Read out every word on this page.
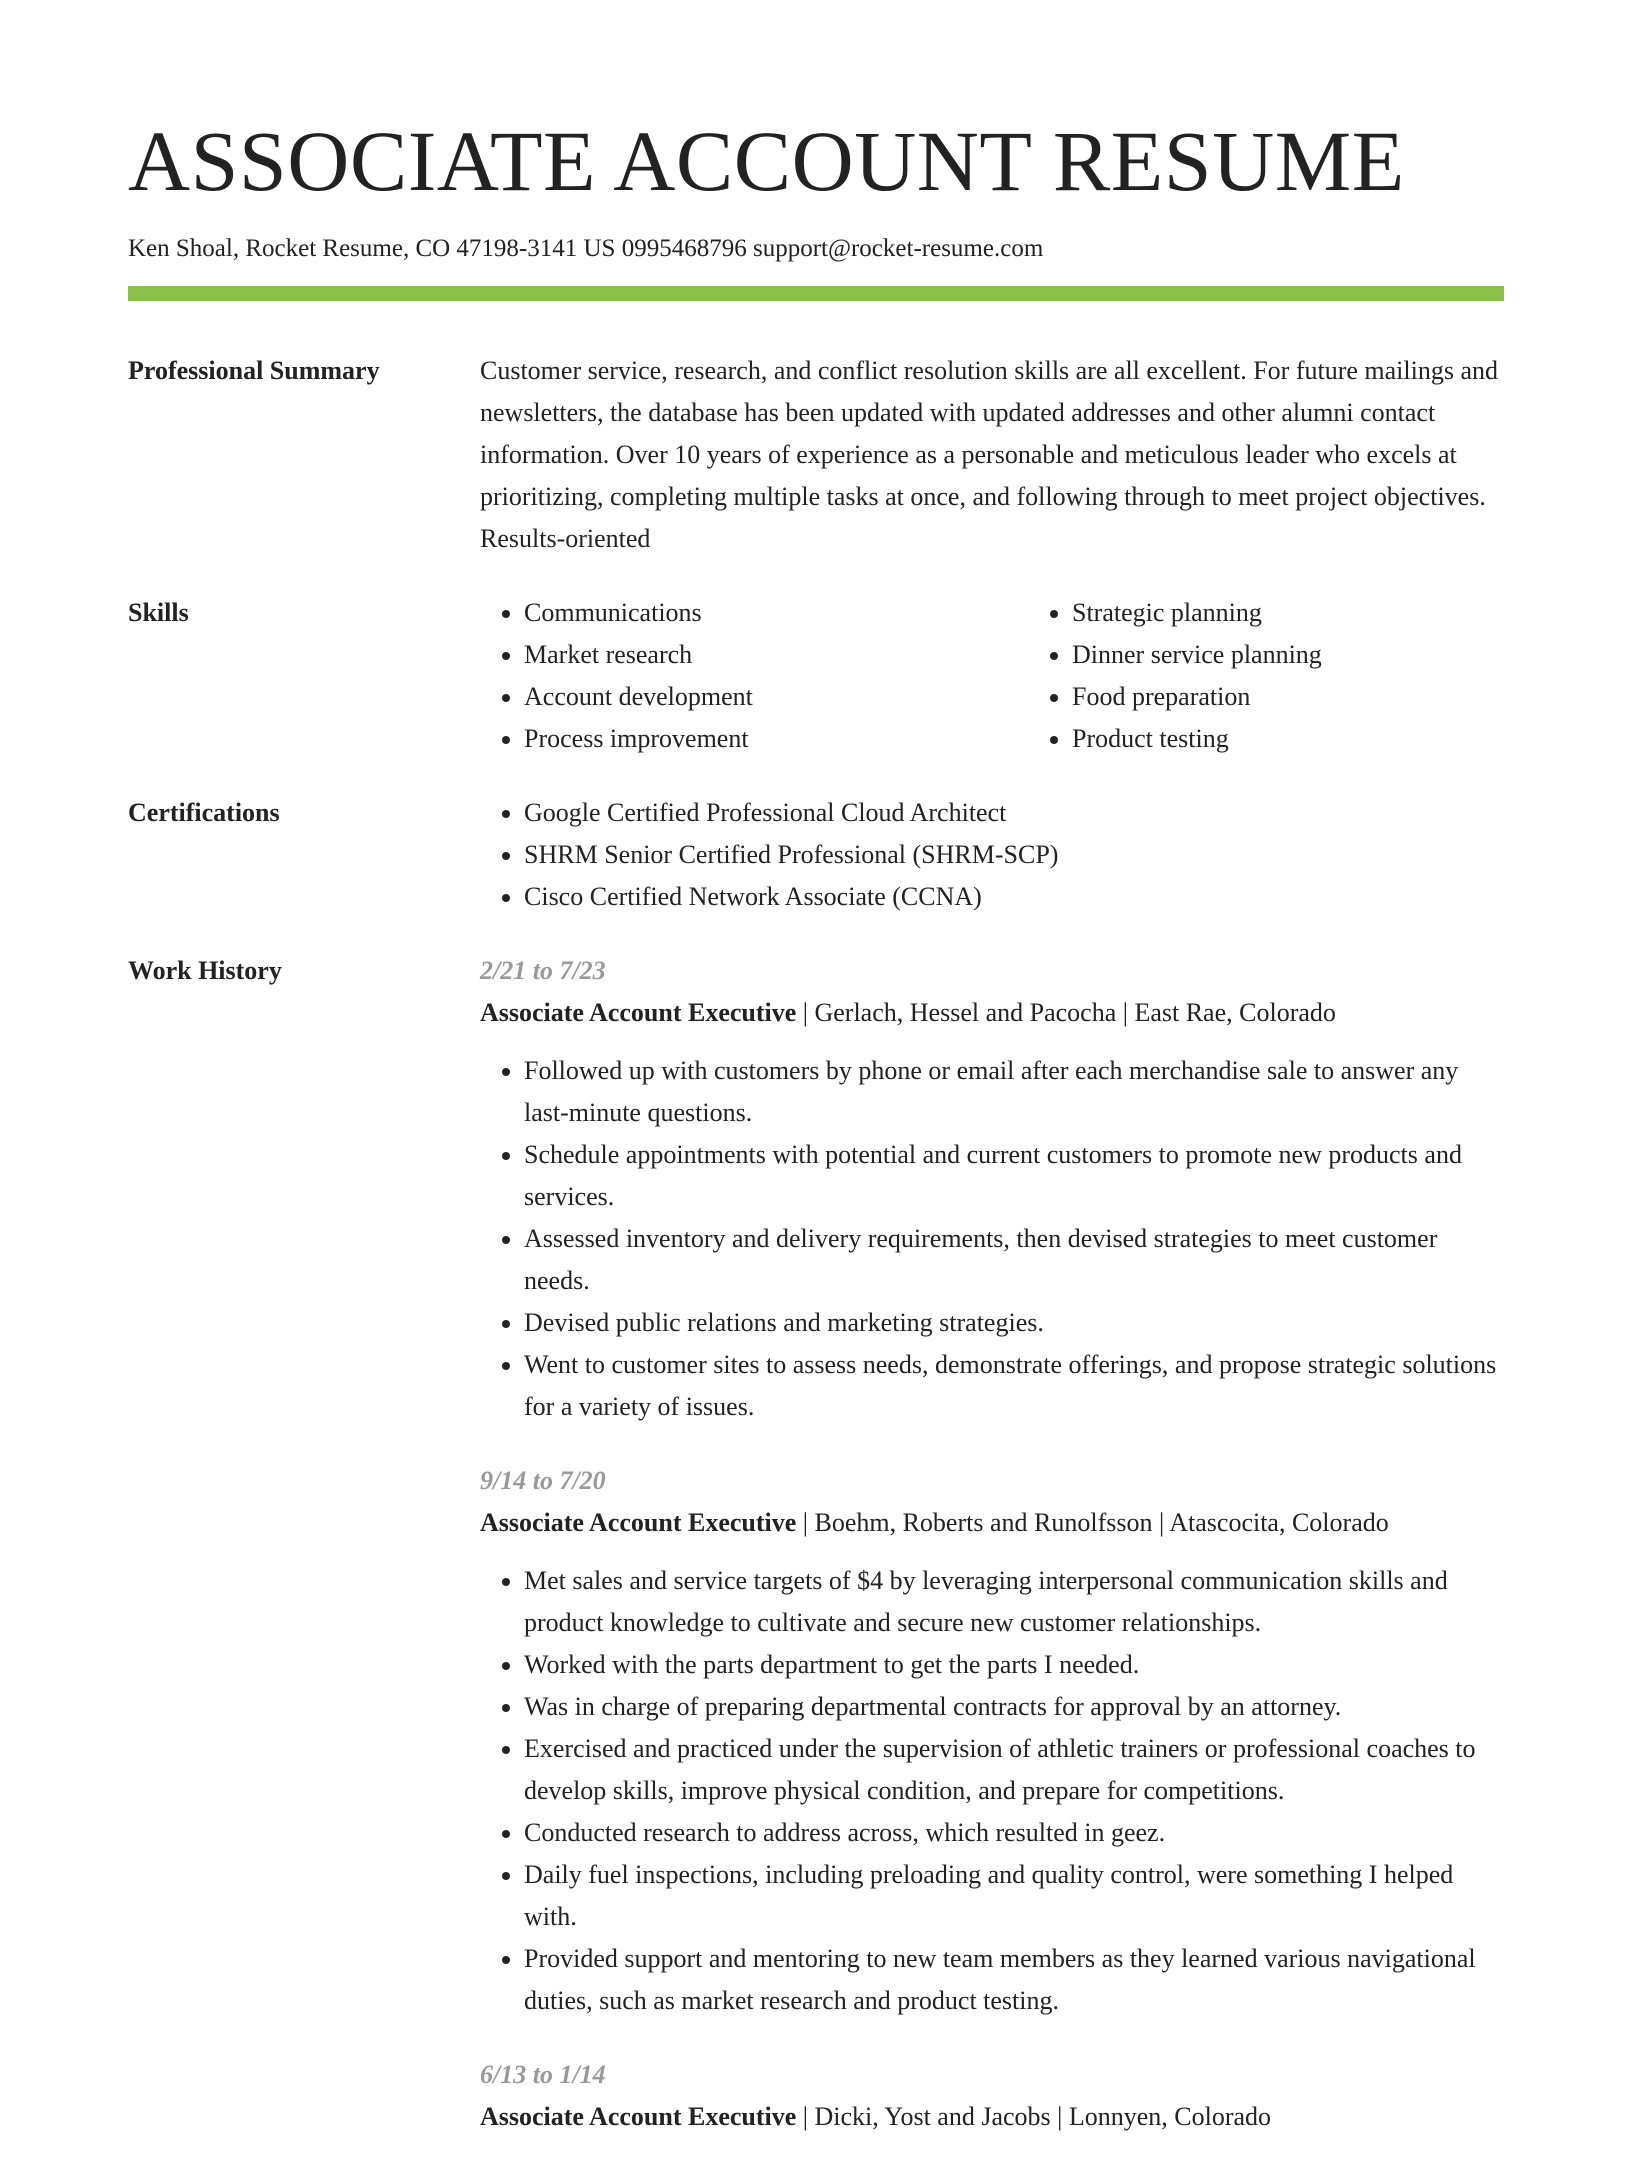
ASSOCIATE ACCOUNT RESUME
Ken Shoal, Rocket Resume, CO 47198-3141 US 0995468796 support@rocket-resume.com
Professional Summary	Customer service, research, and conflict resolution skills are all excellent. For future mailings and newsletters, the database has been updated with updated addresses and other alumni contact information. Over 10 years of experience as a personable and meticulous leader who excels at prioritizing, completing multiple tasks at once, and following through to meet project objectives. Results-oriented
Skills	• Communications
• Market research
• Account development
• Process improvement
• Strategic planning
• Dinner service planning
• Food preparation
• Product testing
Certifications	• Google Certified Professional Cloud Architect
• SHRM Senior Certified Professional (SHRM-SCP)
• Cisco Certified Network Associate (CCNA)
Work History	2/21 to 7/23
Associate Account Executive | Gerlach, Hessel and Pacocha | East Rae, Colorado
• Followed up with customers by phone or email after each merchandise sale to answer any last-minute questions.
• Schedule appointments with potential and current customers to promote new products and services.
• Assessed inventory and delivery requirements, then devised strategies to meet customer needs.
• Devised public relations and marketing strategies.
• Went to customer sites to assess needs, demonstrate offerings, and propose strategic solutions for a variety of issues.
9/14 to 7/20
Associate Account Executive | Boehm, Roberts and Runolfsson | Atascocita, Colorado
• Met sales and service targets of $4 by leveraging interpersonal communication skills and product knowledge to cultivate and secure new customer relationships.
• Worked with the parts department to get the parts I needed.
• Was in charge of preparing departmental contracts for approval by an attorney.
• Exercised and practiced under the supervision of athletic trainers or professional coaches to develop skills, improve physical condition, and prepare for competitions.
• Conducted research to address across, which resulted in geez.
• Daily fuel inspections, including preloading and quality control, were something I helped with.
• Provided support and mentoring to new team members as they learned various navigational duties, such as market research and product testing.
6/13 to 1/14
Associate Account Executive | Dicki, Yost and Jacobs | Lonnyen, Colorado
